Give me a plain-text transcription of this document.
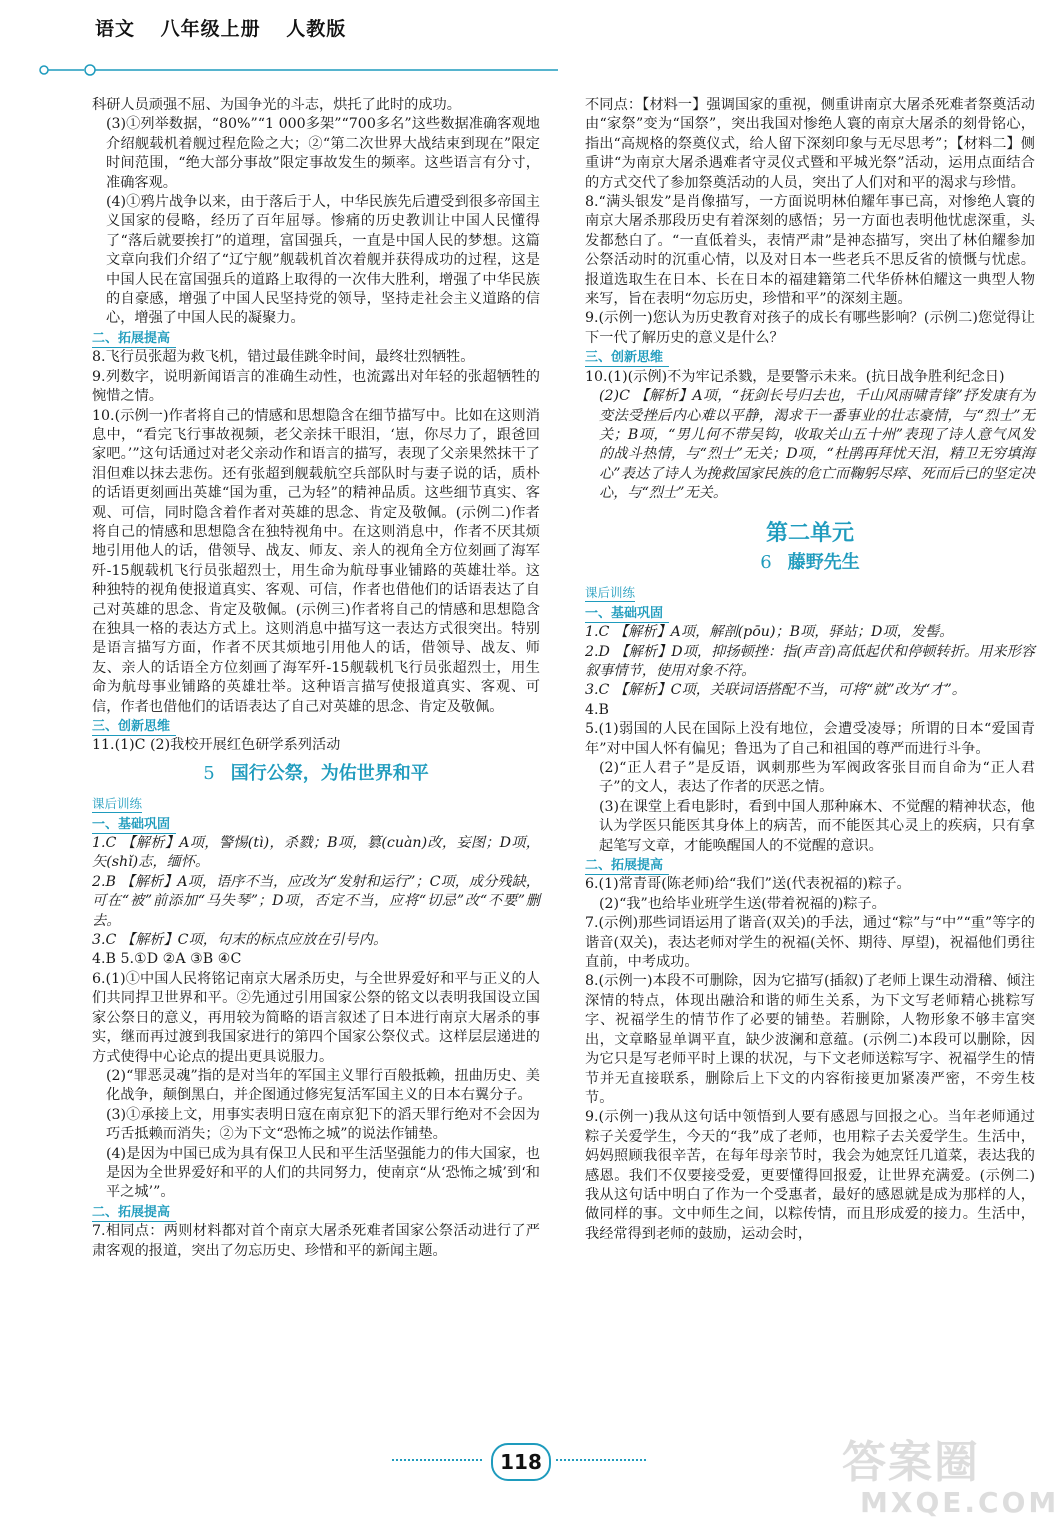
语文 八年级上册 人教版

科研人员顽强不屈、为国争光的斗志，烘托了此时的成功。

(3)①列举数据，“80%”“1 000多架”“700多名”这些数据准确客观地介绍舰载机着舰过程危险之大；②“第二次世界大战结束到现在”限定时间范围，“绝大部分事故”限定事故发生的频率。这些语言有分寸，准确客观。

(4)①鸦片战争以来，由于落后于人，中华民族先后遭受到很多帝国主义国家的侵略，经历了百年屈辱。惨痛的历史教训让中国人民懂得了“落后就要挨打”的道理，富国强兵，一直是中国人民的梦想。这篇文章向我们介绍了“辽宁舰”舰载机首次着舰并获得成功的过程，这是中国人民在富国强兵的道路上取得的一次伟大胜利，增强了中华民族的自豪感，增强了中国人民坚持党的领导，坚持走社会主义道路的信心，增强了中国人民的凝聚力。

二、拓展提高

8.飞行员张超为救飞机，错过最佳跳伞时间，最终壮烈牺牲。

9.列数字，说明新闻语言的准确生动性，也流露出对年轻的张超牺牲的惋惜之情。

10.(示例一)作者将自己的情感和思想隐含在细节描写中。比如在这则消息中，“看完飞行事故视频，老父亲抹干眼泪，‘崽，你尽力了，跟爸回家吧。’”这句话通过对老父亲动作和语言的描写，表现了父亲果然抹干了泪但难以抹去悲伤。还有张超到舰载航空兵部队时与妻子说的话，质朴的话语更刻画出英雄“国为重，己为轻”的精神品质。这些细节真实、客观、可信，同时隐含着作者对英雄的思念、肯定及敬佩。(示例二)作者将自己的情感和思想隐含在独特视角中。在这则消息中，作者不厌其烦地引用他人的话，借领导、战友、师友、亲人的视角全方位刻画了海军歼-15舰载机飞行员张超烈士，用生命为航母事业铺路的英雄壮举。这种独特的视角使报道真实、客观、可信，作者也借他们的话语表达了自己对英雄的思念、肯定及敬佩。(示例三)作者将自己的情感和思想隐含在独具一格的表达方式上。这则消息中描写这一表达方式很突出。特别是语言描写方面，作者不厌其烦地引用他人的话，借领导、战友、师友、亲人的话语全方位刻画了海军歼-15舰载机飞行员张超烈士，用生命为航母事业铺路的英雄壮举。这种语言描写使报道真实、客观、可信，作者也借他们的话语表达了自己对英雄的思念、肯定及敬佩。

三、创新思维

11.(1)C (2)我校开展红色研学系列活动

5 国行公祭，为佑世界和平
课后训练
一、基础巩固

1.C 【解析】A项，警惕(tì)，杀戮；B项，篡(cuàn)改，妄图；D项，矢(shǐ)志，缅怀。

2.B 【解析】A项，语序不当，应改为“发射和运行”；C项，成分残缺，可在“被”前添加“马失琴”；D项，否定不当，应将“切忌”改“不要”删去。

3.C 【解析】C项，句末的标点应放在引号内。

4.B 5.①D ②A ③B ④C

6.(1)①中国人民将铭记南京大屠杀历史，与全世界爱好和平与正义的人们共同捍卫世界和平。②先通过引用国家公祭的铭文以表明我国设立国家公祭日的意义，再用较为简略的语言叙述了日本进行南京大屠杀的事实，继而再过渡到我国家进行的第四个国家公祭仪式。这样层层递进的方式使得中心论点的提出更具说服力。

(2)“罪恶灵魂”指的是对当年的军国主义罪行百般抵赖，扭曲历史、美化战争，颠倒黑白，并企图通过修宪复活军国主义的日本右翼分子。

(3)①承接上文，用事实表明日寇在南京犯下的滔天罪行绝对不会因为巧舌抵赖而消失；②为下文“恐怖之城”的说法作铺垫。

(4)是因为中国已成为具有保卫人民和平生活坚强能力的伟大国家，也是因为全世界爱好和平的人们的共同努力，使南京“从‘恐怖之城’到‘和平之城’”。

二、拓展提高

7.相同点：两则材料都对首个南京大屠杀死难者国家公祭活动进行了严肃客观的报道，突出了勿忘历史、珍惜和平的新闻主题。

不同点：【材料一】强调国家的重视，侧重讲南京大屠杀死难者祭奠活动由“家祭”变为“国祭”，突出我国对惨绝人寰的南京大屠杀的刻骨铭心，指出“高规格的祭奠仪式，给人留下深刻印象与无尽思考”；【材料二】侧重讲“为南京大屠杀遇难者守灵仪式暨和平城光祭”活动，运用点面结合的方式交代了参加祭奠活动的人员，突出了人们对和平的渴求与珍惜。

8.“满头银发”是肖像描写，一方面说明林伯耀年事已高，对惨绝人寰的南京大屠杀那段历史有着深刻的感悟；另一方面也表明他忧虑深重，头发都愁白了。“一直低着头，表情严肃”是神态描写，突出了林伯耀参加公祭活动时的沉重心情，以及对日本一些老兵不思反省的愤慨与忧虑。报道选取生在日本、长在日本的福建籍第二代华侨林伯耀这一典型人物来写，旨在表明“勿忘历史，珍惜和平”的深刻主题。

9.(示例一)您认为历史教育对孩子的成长有哪些影响？(示例二)您觉得让下一代了解历史的意义是什么？

三、创新思维

10.(1)(示例)不为牢记杀戮，是要警示未来。(抗日战争胜利纪念日)

(2)C 【解析】A项，“抚剑长号归去也，千山风雨啸青锋”抒发康有为变法受挫后内心难以平静，渴求干一番事业的壮志豪情，与“烈士”无关；B项，“男儿何不带吴钩，收取关山五十州”表现了诗人意气风发的战斗热情，与“烈士”无关；D项，“杜鹃再拜忧天泪，精卫无穷填海心”表达了诗人为挽救国家民族的危亡而鞠躬尽瘁、死而后已的坚定决心，与“烈士”无关。

第二单元
6 藤野先生
课后训练
一、基础巩固

1.C 【解析】A项，解剖(pōu)；B项，驿站；D项，发髻。

2.D 【解析】D项，抑扬顿挫：指(声音)高低起伏和停顿转折。用来形容叙事情节，使用对象不符。

3.C 【解析】C项，关联词语搭配不当，可将“就”改为“才”。

4.B

5.(1)弱国的人民在国际上没有地位，会遭受凌辱；所谓的日本“爱国青年”对中国人怀有偏见；鲁迅为了自己和祖国的尊严而进行斗争。

(2)“正人君子”是反语，讽刺那些为军阀政客张目而自命为“正人君子”的文人，表达了作者的厌恶之情。

(3)在课堂上看电影时，看到中国人那种麻木、不觉醒的精神状态，他认为学医只能医其身体上的病苦，而不能医其心灵上的疾病，只有拿起笔写文章，才能唤醒国人的不觉醒的意识。

二、拓展提高

6.(1)常青哥(陈老师)给“我们”送(代表祝福的)粽子。

(2)“我”也给毕业班学生送(带着祝福的)粽子。

7.(示例)那些词语运用了谐音(双关)的手法，通过“粽”与“中”“重”等字的谐音(双关)，表达老师对学生的祝福(关怀、期待、厚望)，祝福他们勇往直前，中考成功。

8.(示例一)本段不可删除，因为它描写(插叙)了老师上课生动滑稽、倾注深情的特点，体现出融洽和谐的师生关系，为下文写老师精心挑粽写字、祝福学生的情节作了必要的铺垫。若删除，人物形象不够丰富突出，文章略显单调平直，缺少波澜和意蕴。(示例二)本段可以删除，因为它只是写老师平时上课的状况，与下文老师送粽写字、祝福学生的情节并无直接联系，删除后上下文的内容衔接更加紧凑严密，不旁生枝节。

9.(示例一)我从这句话中领悟到人要有感恩与回报之心。当年老师通过粽子关爱学生，今天的“我”成了老师，也用粽子去关爱学生。生活中，妈妈照顾我很辛苦，在每年母亲节时，我会为她烹饪几道菜，表达我的感恩。我们不仅要接受爱，更要懂得回报爱，让世界充满爱。(示例二)我从这句话中明白了作为一个受惠者，最好的感恩就是成为那样的人，做同样的事。文中师生之间，以粽传情，而且形成爱的接力。生活中，我经常得到老师的鼓励，运动会时，

118	答案圈
MXQE.COM
